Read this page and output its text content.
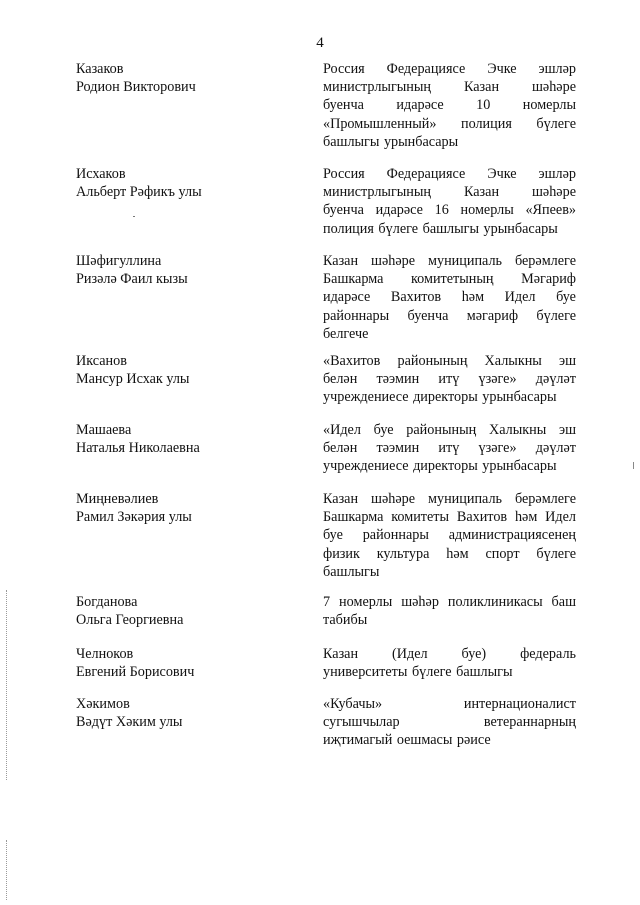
4
Казаков
Родион Викторович
Россия Федерациясе Эчке эшләр
министрлыгының Казан шәһәре
буенча идарәсе 10 номерлы
«Промышленный» полиция бүлеге
башлыгы урынбасары
Исхаков
Альберт Рәфикъ улы
Россия Федерациясе Эчке эшләр
министрлыгының Казан шәһәре
буенча идарәсе 16 номерлы «Япеев»
полиция бүлеге башлыгы урынбасары
Шәфигуллина
Ризәлә Фаил кызы
Казан шәһәре муниципаль берәмлеге
Башкарма комитетының Мәгариф
идарәсе Вахитов һәм Идел буе
районнары буенча мәгариф бүлеге
белгече
Иксанов
Мансур Исхак улы
«Вахитов районының Халыкны эш
белән тәэмин итү үзәге» дәүләт
учреждениесе директоры урынбасары
Машаева
Наталья Николаевна
«Идел буе районының Халыкны эш
белән тәэмин итү үзәге» дәүләт
учреждениесе директоры урынбасары
Миңневәлиев
Рамил Зәкәрия улы
Казан шәһәре муниципаль берәмлеге
Башкарма комитеты Вахитов һәм Идел
буе районнары администрациясенең
физик культура һәм спорт бүлеге
башлыгы
Богданова
Ольга Георгиевна
7 номерлы шәһәр поликлиникасы баш
табибы
Челноков
Евгений Борисович
Казан (Идел буе) федераль
университеты бүлеге башлыгы
Хәкимов
Вәдүт Хәким улы
«Кубачы» интернационалист
сугышчылар ветераннарның
иҗтимагый оешмасы рәисе
